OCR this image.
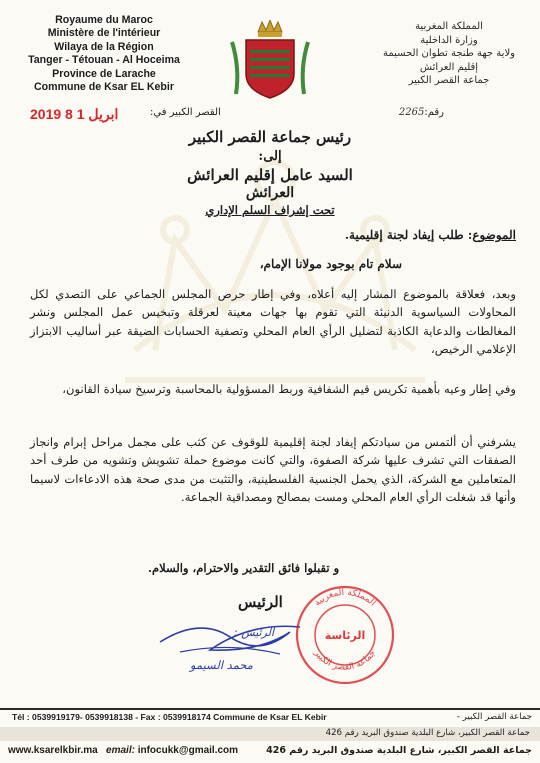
Royaume du Maroc
Ministère de l'intérieur
Wilaya de la Région
Tanger - Tétouan - Al Hoceima
Province de Larache
Commune de Ksar EL Kebir
المملكة المغربية
وزارة الداخلية
ولاية جهة طنجة تطوان الحسيمة
إقليم العرائش
جماعة القصر الكبير
رقم:2265
القصر الكبير في:
2019 ابريل 1 8
رئيس جماعة القصر الكبير
إلى:
السيد عامل إقليم العرائش
العرائش
تحت إشراف السلم الإداري
الموضوع: طلب إيفاد لجنة إقليمية.
سلام تام بوجود مولانا الإمام،
وبعد، فعلاقة بالموضوع المشار إليه أعلاه، وفي إطار حرص المجلس الجماعي على التصدي لكل المحاولات السياسوية الدنيئة التي تقوم بها جهات معينة لعرقلة وتبخيس عمل المجلس ونشر المغالطات والدعاية الكاذبة لتضليل الرأي العام المحلي وتصفية الحسابات الضيقة عبر أساليب الابتزاز الإعلامي الرخيص،
وفي إطار وعيه بأهمية تكريس قيم الشفافية وربط المسؤولية بالمحاسبة وترسيخ سيادة القانون،
يشرفني أن ألتمس من سيادتكم إيفاد لجنة إقليمية للوقوف عن كثب على مجمل مراحل إبرام وانجاز الصفقات التي تشرف عليها شركة الصفوة، والتي كانت موضوع حملة تشويش وتشويه من طرف أحد المتعاملين مع الشركة، الذي يحمل الجنسية الفلسطينية، والتثبت من مدى صحة هذه الادعاءات لاسيما وأنها قد شغلت الرأي العام المحلي ومست بمصالح ومصداقية الجماعة.
و تقبلوا فائق التقدير والاحترام، والسلام.
الرئيس
الرئيس :
محمد السيمو
المملكة المغربية
الرئاسة
جماعة القصر الكبير
Tél : 0539919179- 0539918138 - Fax : 0539918174 Commune de Ksar EL Kebir	جماعة القصر الكبير -
جماعة القصر الكبير، شارع البلدية صندوق البريد رقم 426
www.ksarelkbir.ma email: infocukk@gmail.com	جماعة القصر الكبير، شارع البلدية صندوق البريد رقم 426
